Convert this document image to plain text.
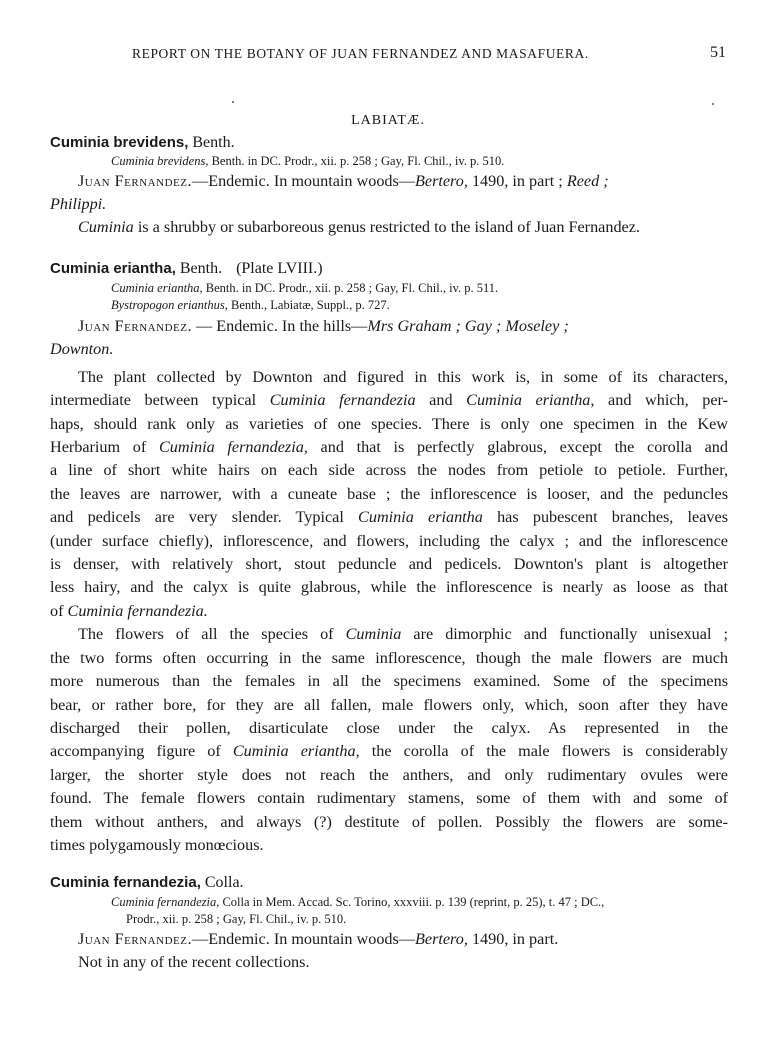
REPORT ON THE BOTANY OF JUAN FERNANDEZ AND MASAFUERA.	51
LABIATÆ.
Cuminia brevidens, Benth.
Cuminia brevidens, Benth. in DC. Prodr., xii. p. 258 ; Gay, Fl. Chil., iv. p. 510.
Juan Fernandez.—Endemic. In mountain woods—Bertero, 1490, in part ; Reed ;
Philippi.
Cuminia is a shrubby or subarboreous genus restricted to the island of Juan Fernandez.
Cuminia eriantha, Benth. (Plate LVIII.)
Cuminia eriantha, Benth. in DC. Prodr., xii. p. 258 ; Gay, Fl. Chil., iv. p. 511.
Bystropogon erianthus, Benth., Labiatæ, Suppl., p. 727.
Juan Fernandez. — Endemic. In the hills—Mrs Graham ; Gay ; Moseley ;
Downton.
The plant collected by Downton and figured in this work is, in some of its characters,
intermediate between typical Cuminia fernandezia and Cuminia eriantha, and which, per-
haps, should rank only as varieties of one species. There is only one specimen in the Kew
Herbarium of Cuminia fernandezia, and that is perfectly glabrous, except the corolla and
a line of short white hairs on each side across the nodes from petiole to petiole. Further,
the leaves are narrower, with a cuneate base ; the inflorescence is looser, and the peduncles
and pedicels are very slender. Typical Cuminia eriantha has pubescent branches, leaves
(under surface chiefly), inflorescence, and flowers, including the calyx ; and the inflorescence
is denser, with relatively short, stout peduncle and pedicels. Downton's plant is altogether
less hairy, and the calyx is quite glabrous, while the inflorescence is nearly as loose as that
of Cuminia fernandezia.
The flowers of all the species of Cuminia are dimorphic and functionally unisexual ;
the two forms often occurring in the same inflorescence, though the male flowers are much
more numerous than the females in all the specimens examined. Some of the specimens
bear, or rather bore, for they are all fallen, male flowers only, which, soon after they have
discharged their pollen, disarticulate close under the calyx. As represented in the
accompanying figure of Cuminia eriantha, the corolla of the male flowers is considerably
larger, the shorter style does not reach the anthers, and only rudimentary ovules were
found. The female flowers contain rudimentary stamens, some of them with and some of
them without anthers, and always (?) destitute of pollen. Possibly the flowers are some-
times polygamously monœcious.
Cuminia fernandezia, Colla.
Cuminia fernandezia, Colla in Mem. Accad. Sc. Torino, xxxviii. p. 139 (reprint, p. 25), t. 47 ; DC.,
Prodr., xii. p. 258 ; Gay, Fl. Chil., iv. p. 510.
Juan Fernandez.—Endemic. In mountain woods—Bertero, 1490, in part.
Not in any of the recent collections.
